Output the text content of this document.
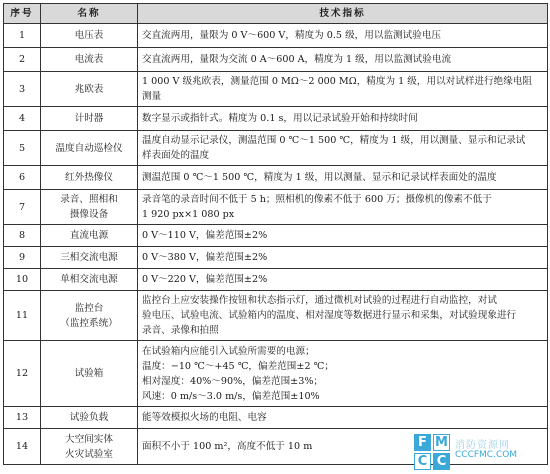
序号	名称	技术指标
1	电压表	交直流两用，量限为 0 V～600 V，精度为 0.5 级，用以监测试验电压

2	电流表	交直流两用，量限为交流 0 A～600 A，精度为 1 级，用以监测试验电流

3	兆欧表	1 000 V 级兆欧表，测量范围 0 MΩ～2 000 MΩ，精度为 1 级，用以对试样进行绝缘电阻
测量

4	计时器	数字显示或指针式。精度为 0.1 s，用以记录试验开始和持续时间

5	温度自动巡检仪	温度自动显示记录仪，测温范围 0 ℃～1 500 ℃，精度为 1 级，用以测量、显示和记录试
样表面处的温度

6	红外热像仪	测温范围 0 ℃～1 500 ℃，精度为 1 级，用以测量、显示和记录试样表面处的温度

7	录音、照相和
摄像设备	录音笔的录音时间不低于 5 h；照相机的像素不低于 600 万；摄像机的像素不低于
1 920 px×1 080 px

8	直流电源	0 V～110 V，偏差范围±2%

9	三相交流电源	0 V～380 V，偏差范围±2%

10	单相交流电源	0 V～220 V，偏差范围±2%

11	监控台
（监控系统）	监控台上应安装操作按钮和状态指示灯，通过微机对试验的过程进行自动监控，对试
验电压、试验电流、试验箱内的温度、相对湿度等数据进行显示和采集，对试验现象进行
录音、录像和拍照

12	试验箱	在试验箱内应能引入试验所需要的电源；
温度：−10 ℃～+45 ℃，偏差范围±2 ℃；
相对湿度：40%～90%，偏差范围±3%；
风速：0 m/s～3.0 m/s，偏差范围±10%

13	试验负载	能等效模拟火场的电阻、电容

14	大空间实体
火灾试验室	面积不小于 100 m²，高度不低于 10 m	F M
C C
消防资源网
CCCFMC.COM
